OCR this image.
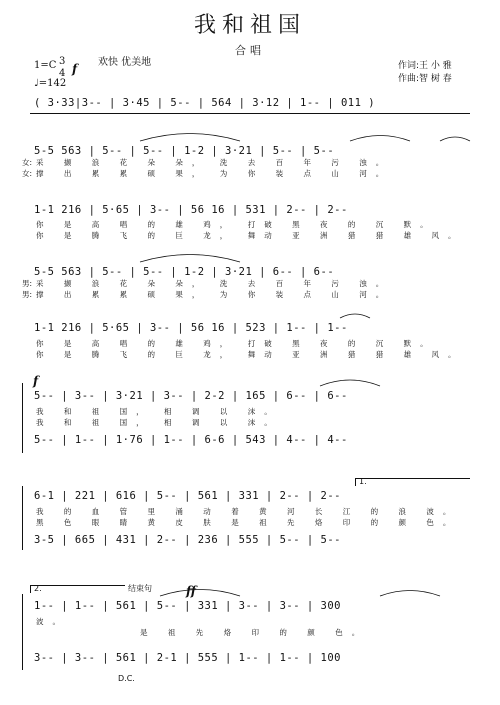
我和祖国
合唱
作词:王 小 雅
作曲:智 树 春
1=C 3
4 f
♩=142
欢快 优美地
( 3·33|3-- | 3·45 | 5-- | 564 | 3·12 | 1-- | 011 )
5-5 563 | 5-- | 5-- | 1-2 | 3·21 | 5-- | 5--
女: 采 撷 浪 花 朵 朵， 洗 去 百 年 污 浊。
女: 撑 出 累 累 硕 果， 为 你 装 点 山 河。
1-1 216 | 5·65 | 3-- | 56 16 | 531 | 2-- | 2--
你 是 高 唱 的 雄 鸡， 打破 黑 夜 的 沉 默。
你 是 腾 飞 的 巨 龙， 舞动 亚 洲 猎 猎 雄 风。
5-5 563 | 5-- | 5-- | 1-2 | 3·21 | 6-- | 6--
男: 采 撷 浪 花 朵 朵， 洗 去 百 年 污 浊。
男: 撑 出 累 累 硕 果， 为 你 装 点 山 河。
1-1 216 | 5·65 | 3-- | 56 16 | 523 | 1-- | 1--
你 是 高 唱 的 雄 鸡， 打破 黑 夜 的 沉 默。
你 是 腾 飞 的 巨 龙， 舞动 亚 洲 猎 猎 雄 风。
f
5-- | 3-- | 3·21 | 3-- | 2-2 | 165 | 6-- | 6--
我 和 祖 国， 相 调 以 沫。
我 和 祖 国， 相 调 以 沫。
5-- | 1-- | 1·76 | 1-- | 6-6 | 543 | 4-- | 4--
1.
6-1 | 221 | 616 | 5-- | 561 | 331 | 2-- | 2--
我 的 血 管 里 涌 动 着 黄 河 长 江 的 浪 波。
黑 色 眼 睛 黄 皮 肤 是 祖 先 烙 印 的 颜 色。
3-5 | 665 | 431 | 2-- | 236 | 555 | 5-- | 5--
2.	结束句	ff
1-- | 1-- | 561 | 5-- | 331 | 3-- | 3-- | 300
波。
是 祖 先 烙 印 的 颜 色。
3-- | 3-- | 561 | 2-1 | 555 | 1-- | 1-- | 100
D.C.
